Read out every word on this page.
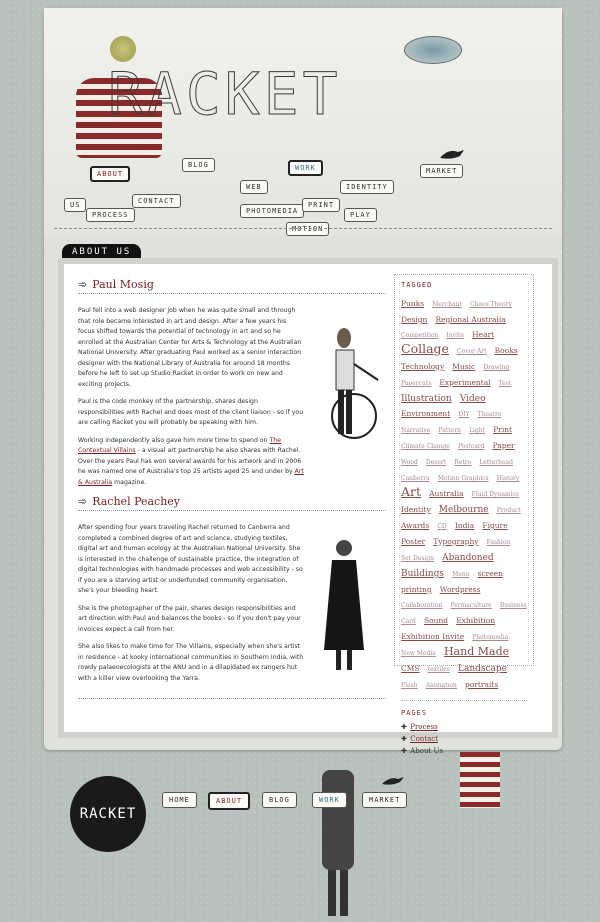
RACKET
ABOUT
BLOG
US	CONTACT
PROCESS
WEB
WORK
IDENTITY
PHOTOMEDIA
PRINT
PLAY
MOTION
MARKET
ABOUT US
➾ Paul Mosig

Paul fell into a web designer job when he was quite small and through that role became interested in art and design. After a few years his focus shifted towards the potential of technology in art and so he enrolled at the Australian Center for Arts & Technology at the Australian National University. After graduating Paul worked as a senior interaction designer with the National Library of Australia for around 18 months before he left to set up Studio Racket in order to work on new and exciting projects.

Paul is the code monkey of the partnership, shares design responsibilities with Rachel and does most of the client liaison - so if you are calling Racket you will probably be speaking with him.

Working independently also gave him more time to spend on The Contextual Villains - a visual art partnership he also shares with Rachel. Over the years Paul has won several awards for his artwork and in 2006 he was named one of Australia's top 25 artists aged 25 and under by Art & Australia magazine.

➾ Rachel Peachey

After spending four years traveling Rachel returned to Canberra and completed a combined degree of art and science, studying textiles, digital art and human ecology at the Australian National University. She is interested in the challenge of sustainable practice, the integration of digital technologies with handmade processes and web accessibility - so if you are a starving artist or underfunded community organisation, she's your bleeding heart.

She is the photographer of the pair, shares design responsibilities and art direction with Paul and balances the books - so if you don't pay your invoices expect a call from her.

She also likes to make time for The Villains, especially when she's artist in residence - at kooky international communities in Southern India, with rowdy palaeoecologists at the ANU and in a dilapidated ex rangers hut with a killer view overlooking the Yarra.

TAGGED
Punks Merchant Chaos Theory Design Regional Australia Competition Invite Heart Collage Cover Art Books Technology Music Drawing Papercuts Experimental Test Illustration Video Environment DIY Theatre Narrative Pattern Light Print Climate Change Postcard Paper Wood Desert Retro Letterhead Canberra Motion Graphics History Art Australia Fluid Dynamics Identity Melbourne Product Awards CD India Figure Poster Typography Fashion Set Design Abandoned Buildings Menu screen printing Wordpress Collaboration Permaculture Business Card Sound Exhibition Exhibition Invite Photomedia New Media Hand Made CMS textiles Landscape Flash Animation portraits
PAGES
✚ Process
✚ Contact
✚ About Us
RACKET
HOME	ABOUT	BLOG	WORK	MARKET
